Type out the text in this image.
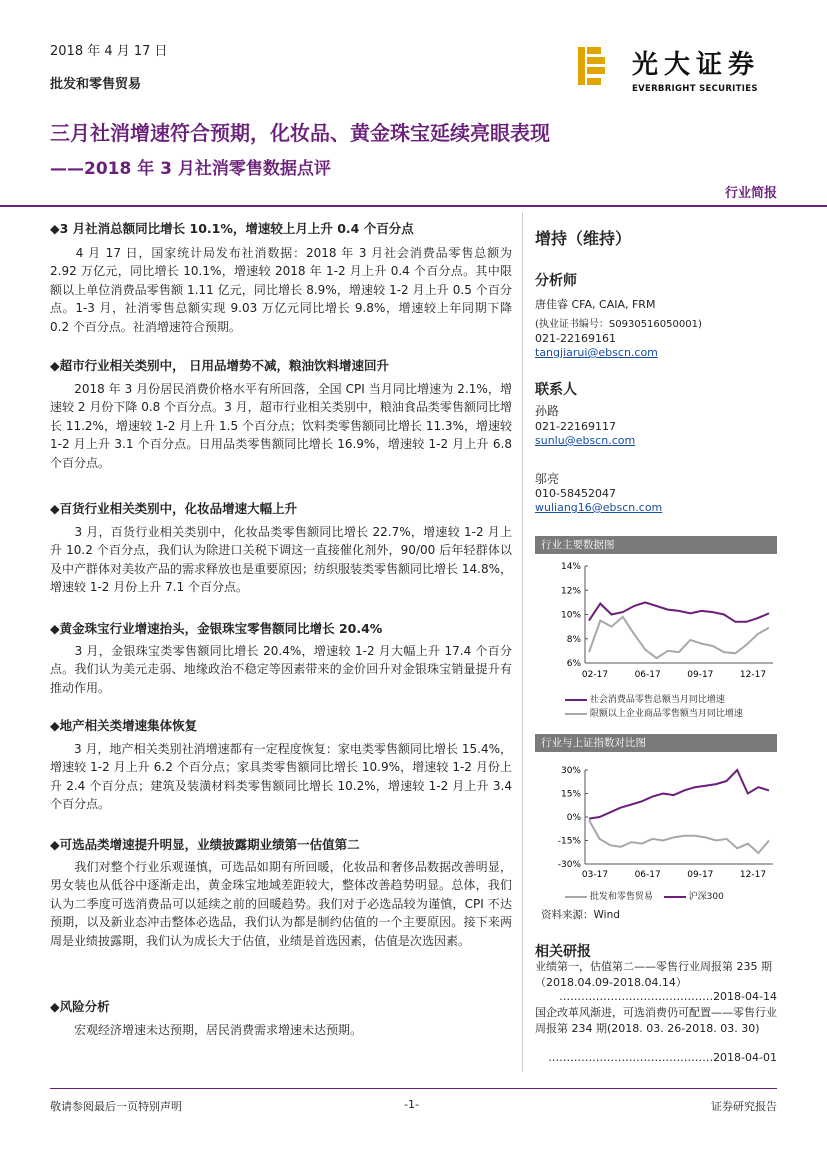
2018 年 4 月 17 日
批发和零售贸易
光大证券
EVERBRIGHT SECURITIES
三月社消增速符合预期，化妆品、黄金珠宝延续亮眼表现
——2018 年 3 月社消零售数据点评
行业简报
◆3 月社消总额同比增长 10.1%，增速较上月上升 0.4 个百分点

　　4 月 17 日，国家统计局发布社消数据：2018 年 3 月社会消费品零售总额为 2.92 万亿元，同比增长 10.1%，增速较 2018 年 1-2 月上升 0.4 个百分点。其中限额以上单位消费品零售额 1.11 亿元，同比增长 8.9%，增速较 1-2 月上升 0.5 个百分点。1-3 月，社消零售总额实现 9.03 万亿元同比增长 9.8%，增速较上年同期下降 0.2 个百分点。社消增速符合预期。

◆超市行业相关类别中， 日用品增势不减，粮油饮料增速回升

　　2018 年 3 月份居民消费价格水平有所回落，全国 CPI 当月同比增速为 2.1%，增速较 2 月份下降 0.8 个百分点。3 月，超市行业相关类别中，粮油食品类零售额同比增长 11.2%，增速较 1-2 月上升 1.5 个百分点；饮料类零售额同比增长 11.3%，增速较 1-2 月上升 3.1 个百分点。日用品类零售额同比增长 16.9%，增速较 1-2 月上升 6.8 个百分点。

◆百货行业相关类别中，化妆品增速大幅上升

　　3 月，百货行业相关类别中，化妆品类零售额同比增长 22.7%，增速较 1-2 月上升 10.2 个百分点，我们认为除进口关税下调这一直接催化剂外，90/00 后年轻群体以及中产群体对美妆产品的需求释放也是重要原因；纺织服装类零售额同比增长 14.8%，增速较 1-2 月份上升 7.1 个百分点。

◆黄金珠宝行业增速抬头，金银珠宝零售额同比增长 20.4%

　　3 月，金银珠宝类零售额同比增长 20.4%，增速较 1-2 月大幅上升 17.4 个百分点。我们认为美元走弱、地缘政治不稳定等因素带来的金价回升对金银珠宝销量提升有推动作用。

◆地产相关类增速集体恢复

　　3 月，地产相关类别社消增速都有一定程度恢复：家电类零售额同比增长 15.4%，增速较 1-2 月上升 6.2 个百分点；家具类零售额同比增长 10.9%，增速较 1-2 月份上升 2.4 个百分点；建筑及装潢材料类零售额同比增长 10.2%，增速较 1-2 月上升 3.4 个百分点。

◆可选品类增速提升明显，业绩披露期业绩第一估值第二

　　我们对整个行业乐观谨慎，可选品如期有所回暖，化妆品和奢侈品数据改善明显，男女装也从低谷中逐渐走出，黄金珠宝地域差距较大，整体改善趋势明显。总体，我们认为二季度可选消费品可以延续之前的回暖趋势。我们对于必选品较为谨慎，CPI 不达预期，以及新业态冲击整体必选品，我们认为都是制约估值的一个主要原因。接下来两周是业绩披露期，我们认为成长大于估值，业绩是首选因素，估值是次选因素。

◆风险分析

　　宏观经济增速未达预期，居民消费需求增速未达预期。

增持（维持）
分析师
唐佳睿 CFA, CAIA, FRM
(执业证书编号：S0930516050001)
021-22169161
tangjiarui@ebscn.com
联系人
孙路
021-22169117
sunlu@ebscn.com
邬亮
010-58452047
wuliang16@ebscn.com
行业主要数据图
14%
12%
10%
8%
6%
02-17	06-17	09-17	12-17
社会消费品零售总额当月同比增速
限额以上企业商品零售额当月同比增速
行业与上证指数对比图
30%
15%
0%
-15%
-30%
03-17	06-17	09-17	12-17
批发和零售贸易	沪深300
资料来源：Wind
相关研报
业绩第一，估值第二——零售行业周报第 235 期（2018.04.09-2018.04.14）
……………………………………2018-04-14
国企改革风渐进，可选消费仍可配置——零售行业周报第 234 期(2018. 03. 26-2018. 03. 30)
………………………………………2018-04-01
敬请参阅最后一页特别声明	-1-	证券研究报告
